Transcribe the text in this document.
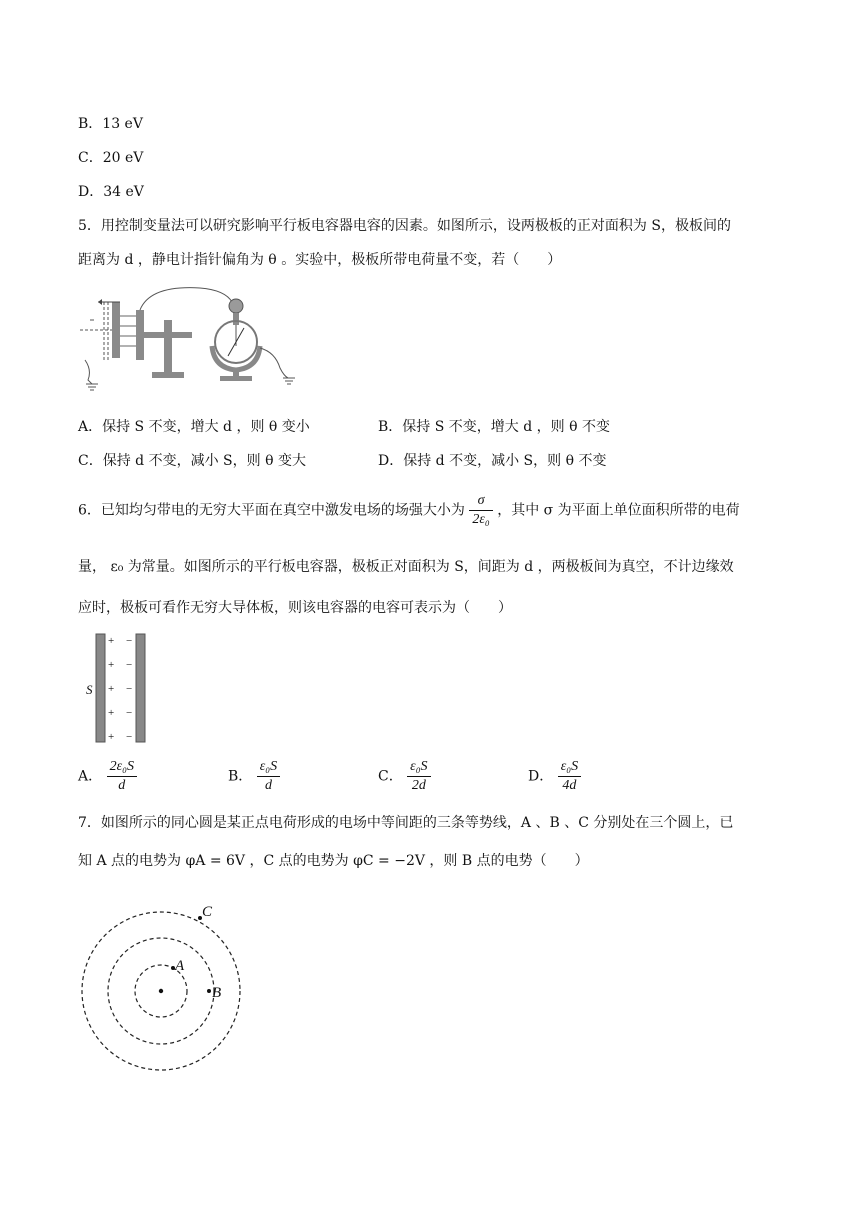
B．13 eV
C．20 eV
D．34 eV
5．用控制变量法可以研究影响平行板电容器电容的因素。如图所示，设两极板的正对面积为 S，极板间的
距离为 d ，静电计指针偏角为 θ 。实验中，极板所带电荷量不变，若（　　）
A．保持 S 不变，增大 d ，则 θ 变小	B．保持 S 不变，增大 d ，则 θ 不变
C．保持 d 不变，减小 S，则 θ 变大	D．保持 d 不变，减小 S，则 θ 不变
6．已知均匀带电的无穷大平面在真空中激发电场的场强大小为 $\frac{\sigma}{\text{2ε₀}}$ ，其中 σ 为平面上单位面积所带的电荷
量， ε₀ 为常量。如图所示的平行板电容器，极板正对面积为 S，间距为 d ，两极板间为真空，不计边缘效
应时，极板可看作无穷大导体板，则该电容器的电容可表示为（　　）
S
+
+
+
+
+
−
−
−
−
−
A． $\frac{\text{2ε₀S}}{d}$	B． $\frac{\text{ε₀S}}{d}$	C． $\frac{\text{ε₀S}}{2d}$	D． $\frac{\text{ε₀S}}{4d}$
7．如图所示的同心圆是某正点电荷形成的电场中等间距的三条等势线，A 、B 、C 分别处在三个圆上，已
知 A 点的电势为 φA = 6V ，C 点的电势为 φC = −2V ，则 B 点的电势（　　）
A
B
C
